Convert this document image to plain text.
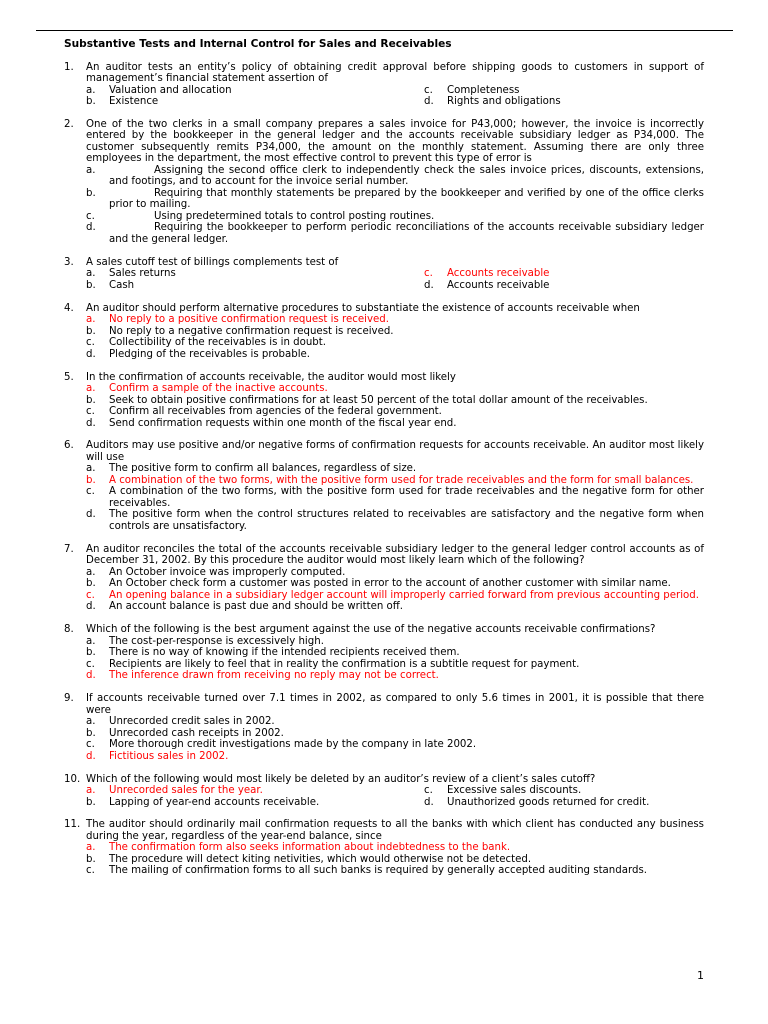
Substantive Tests and Internal Control for Sales and Receivables
1. An auditor tests an entity’s policy of obtaining credit approval before shipping goods to customers in support of management’s financial statement assertion of
a. Valuation and allocation	c. Completeness
b. Existence	d. Rights and obligations
2. One of the two clerks in a small company prepares a sales invoice for P43,000; however, the invoice is incorrectly entered by the bookkeeper in the general ledger and the accounts receivable subsidiary ledger as P34,000. The customer subsequently remits P34,000, the amount on the monthly statement. Assuming there are only three employees in the department, the most effective control to prevent this type of error is
a.	Assigning the second office clerk to independently check the sales invoice prices, discounts, extensions, and footings, and to account for the invoice serial number.
b.	Requiring that monthly statements be prepared by the bookkeeper and verified by one of the office clerks prior to mailing.
c.	Using predetermined totals to control posting routines.
d.	Requiring the bookkeeper to perform periodic reconciliations of the accounts receivable subsidiary ledger and the general ledger.
3. A sales cutoff test of billings complements test of
a. Sales returns	c. Accounts receivable
b. Cash	d. Accounts receivable
4. An auditor should perform alternative procedures to substantiate the existence of accounts receivable when
a. No reply to a positive confirmation request is received.
b. No reply to a negative confirmation request is received.
c. Collectibility of the receivables is in doubt.
d. Pledging of the receivables is probable.
5. In the confirmation of accounts receivable, the auditor would most likely
a. Confirm a sample of the inactive accounts.
b. Seek to obtain positive confirmations for at least 50 percent of the total dollar amount of the receivables.
c. Confirm all receivables from agencies of the federal government.
d. Send confirmation requests within one month of the fiscal year end.
6. Auditors may use positive and/or negative forms of confirmation requests for accounts receivable. An auditor most likely will use
a. The positive form to confirm all balances, regardless of size.
b. A combination of the two forms, with the positive form used for trade receivables and the form for small balances.
c. A combination of the two forms, with the positive form used for trade receivables and the negative form for other receivables.
d. The positive form when the control structures related to receivables are satisfactory and the negative form when controls are unsatisfactory.
7. An auditor reconciles the total of the accounts receivable subsidiary ledger to the general ledger control accounts as of December 31, 2002. By this procedure the auditor would most likely learn which of the following?
a. An October invoice was improperly computed.
b. An October check form a customer was posted in error to the account of another customer with similar name.
c. An opening balance in a subsidiary ledger account will improperly carried forward from previous accounting period.
d. An account balance is past due and should be written off.
8. Which of the following is the best argument against the use of the negative accounts receivable confirmations?
a. The cost-per-response is excessively high.
b. There is no way of knowing if the intended recipients received them.
c. Recipients are likely to feel that in reality the confirmation is a subtitle request for payment.
d. The inference drawn from receiving no reply may not be correct.
9. If accounts receivable turned over 7.1 times in 2002, as compared to only 5.6 times in 2001, it is possible that there were
a. Unrecorded credit sales in 2002.
b. Unrecorded cash receipts in 2002.
c. More thorough credit investigations made by the company in late 2002.
d. Fictitious sales in 2002.
10. Which of the following would most likely be deleted by an auditor’s review of a client’s sales cutoff?
a. Unrecorded sales for the year.	c. Excessive sales discounts.
b. Lapping of year-end accounts receivable.	d. Unauthorized goods returned for credit.
11. The auditor should ordinarily mail confirmation requests to all the banks with which client has conducted any business during the year, regardless of the year-end balance, since
a. The confirmation form also seeks information about indebtedness to the bank.
b. The procedure will detect kiting netivities, which would otherwise not be detected.
c. The mailing of confirmation forms to all such banks is required by generally accepted auditing standards.
1
